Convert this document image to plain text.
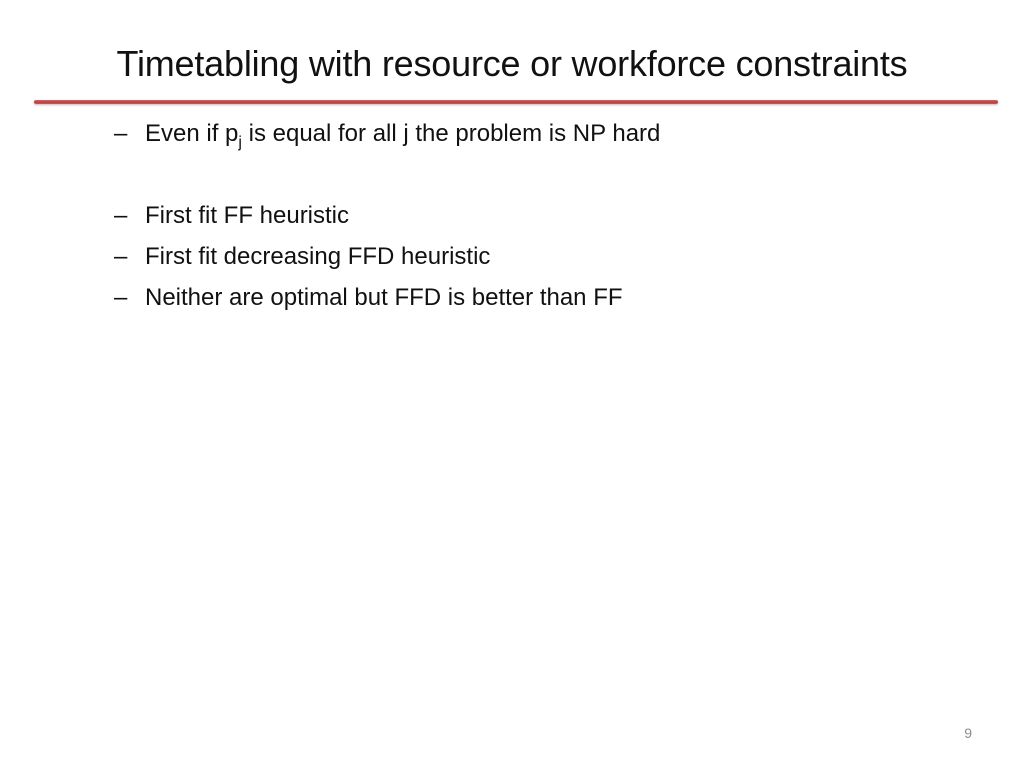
Timetabling with resource or workforce constraints
– Even if $p_j$ is equal for all j the problem is NP hard
– First fit FF heuristic
– First fit decreasing FFD heuristic
– Neither are optimal but FFD is better than FF
9
